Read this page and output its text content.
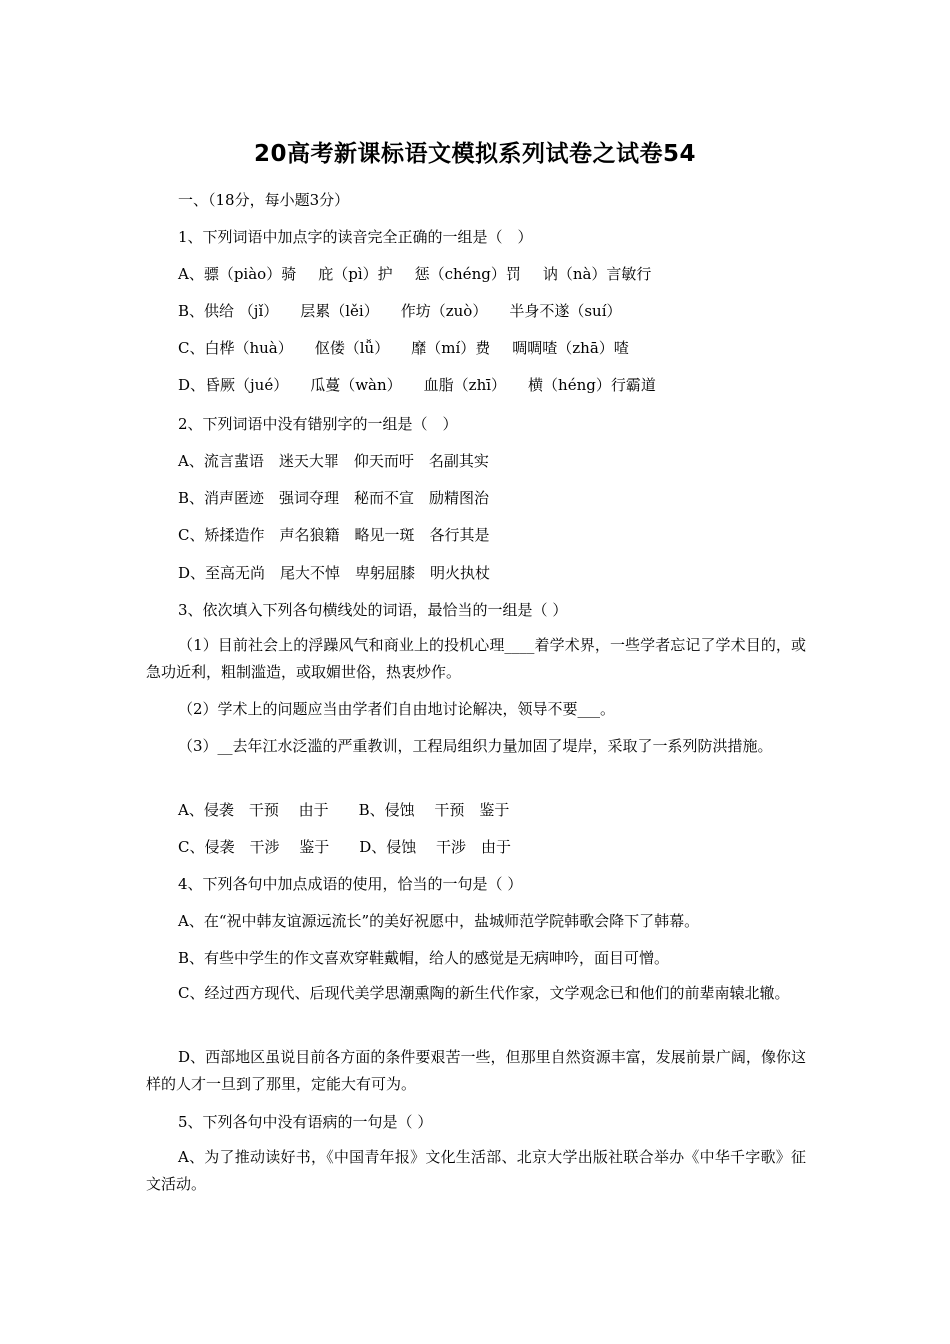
20高考新课标语文模拟系列试卷之试卷54
一、（18分，每小题3分）
1、下列词语中加点字的读音完全正确的一组是（　）
A、骠（piào）骑 庇（pì）护 惩（chéng）罚 讷（nà）言敏行
B、供给 （jǐ） 层累（lěi） 作坊（zuò） 半身不遂（suí）
C、白桦（huà） 伛偻（lǚ） 靡（mí）费 啁啁喳（zhā）喳
D、昏厥（jué） 瓜蔓（wàn） 血脂（zhī） 横（héng）行霸道
2、下列词语中没有错别字的一组是（　）
A、流言蜚语　迷天大罪　仰天而吁　名副其实
B、消声匿迹　强词夺理　秘而不宣　励精图治
C、矫揉造作　声名狼籍　略见一斑　各行其是
D、至高无尚　尾大不悼　卑躬屈膝　明火执杖
3、依次填入下列各句横线处的词语，最恰当的一组是（ ）
（1）目前社会上的浮躁风气和商业上的投机心理____着学术界，一些学者忘记了学术目的，或急功近利，粗制滥造，或取媚世俗，热衷炒作。
（2）学术上的问题应当由学者们自由地讨论解决，领导不要___。
（3）__去年江水泛滥的严重教训，工程局组织力量加固了堤岸，采取了一系列防洪措施。
A、侵袭　干预　 由于　　B、侵蚀　 干预　鉴于
C、侵袭　干涉　 鉴于　　D、侵蚀　 干涉　由于
4、下列各句中加点成语的使用，恰当的一句是（ ）
A、在“祝中韩友谊源远流长”的美好祝愿中，盐城师范学院韩歌会降下了韩幕。
B、有些中学生的作文喜欢穿鞋戴帽，给人的感觉是无病呻吟，面目可憎。
C、经过西方现代、后现代美学思潮熏陶的新生代作家，文学观念已和他们的前辈南辕北辙。
D、西部地区虽说目前各方面的条件要艰苦一些，但那里自然资源丰富，发展前景广阔，像你这样的人才一旦到了那里，定能大有可为。
5、下列各句中没有语病的一句是（ ）
A、为了推动读好书，《中国青年报》文化生活部、北京大学出版社联合举办《中华千字歌》征文活动。
